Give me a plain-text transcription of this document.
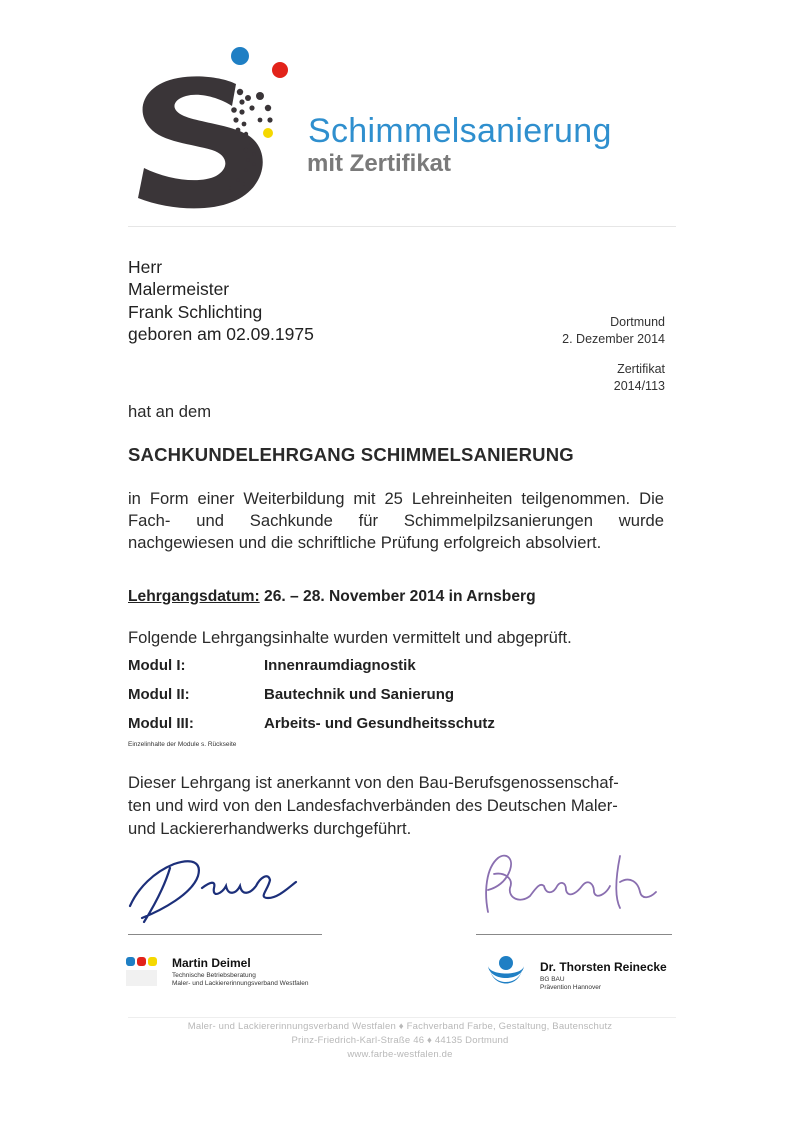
Schimmelsanierung
mit Zertifikat
Herr
Malermeister
Frank Schlichting
geboren am 02.09.1975
Dortmund
2. Dezember 2014
Zertifikat
2014/113
hat an dem
SACHKUNDELEHRGANG SCHIMMELSANIERUNG
in Form einer Weiterbildung mit 25 Lehreinheiten teilgenommen. Die Fach- und Sachkunde für Schimmelpilzsanierungen wurde nachgewiesen und die schriftliche Prüfung erfolgreich absolviert.
Lehrgangsdatum: 26. – 28. November 2014 in Arnsberg
Folgende Lehrgangsinhalte wurden vermittelt und abgeprüft.
Modul I:	Innenraumdiagnostik
Modul II:	Bautechnik und Sanierung
Modul III:	Arbeits- und Gesundheitsschutz
Einzelinhalte der Module s. Rückseite
Dieser Lehrgang ist anerkannt von den Bau-Berufsgenossenschaf-
ten und wird von den Landesfachverbänden des Deutschen Maler-
und Lackiererhandwerks durchgeführt.
Martin Deimel
Technische Betriebsberatung
Maler- und Lackiererinnungsverband Westfalen
Dr. Thorsten Reinecke
BG BAU
Prävention Hannover
Maler- und Lackiererinnungsverband Westfalen ♦ Fachverband Farbe, Gestaltung, Bautenschutz
Prinz-Friedrich-Karl-Straße 46 ♦ 44135 Dortmund
www.farbe-westfalen.de
